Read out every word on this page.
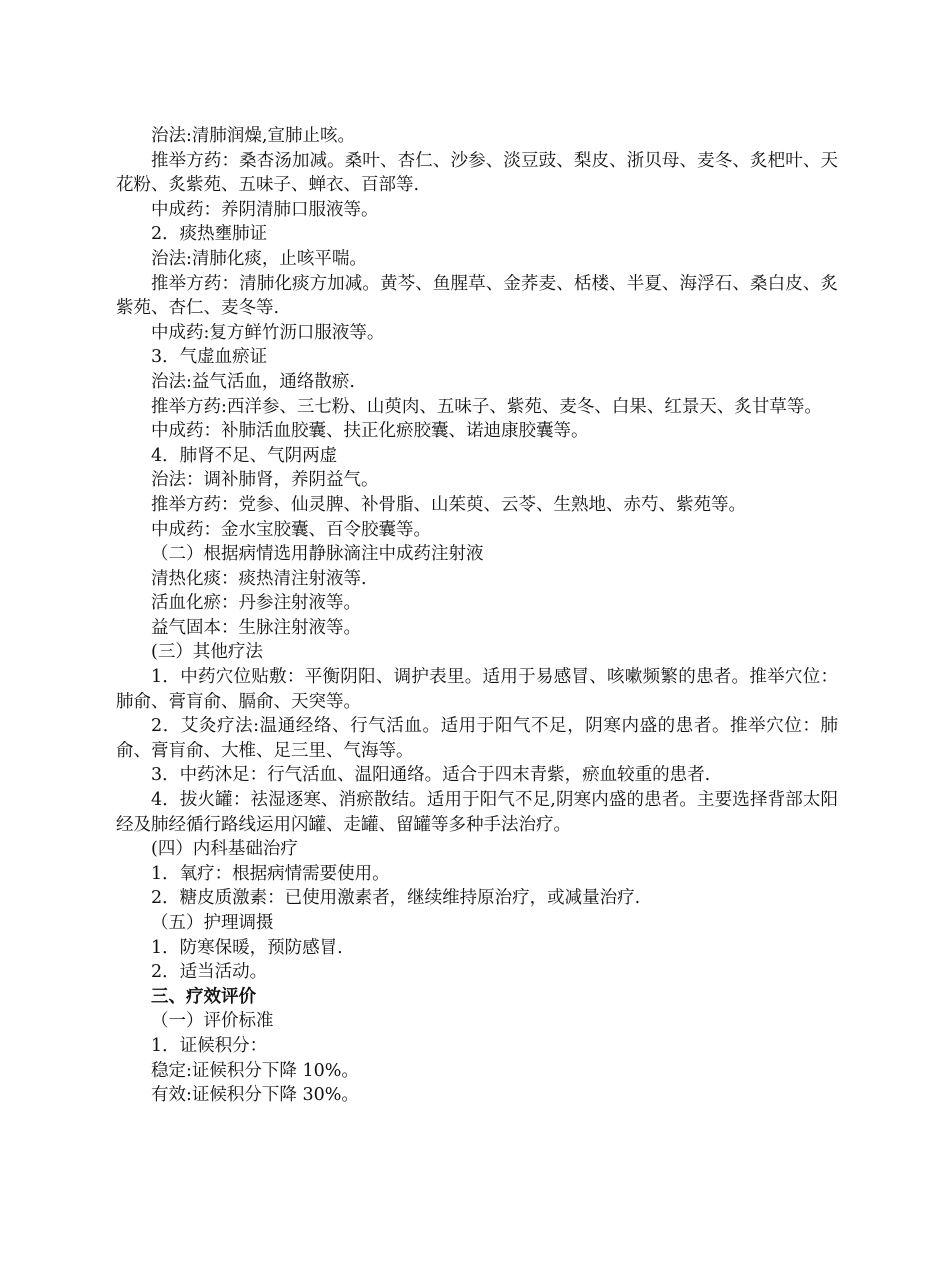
治法:清肺润燥,宣肺止咳。

推举方药：桑杏汤加减。桑叶、杏仁、沙参、淡豆豉、梨皮、浙贝母、麦冬、炙杷叶、天花粉、炙紫苑、五味子、蝉衣、百部等.

中成药：养阴清肺口服液等。

2．痰热壅肺证

治法:清肺化痰，止咳平喘。

推举方药：清肺化痰方加减。黄芩、鱼腥草、金荞麦、栝楼、半夏、海浮石、桑白皮、炙紫苑、杏仁、麦冬等.

中成药:复方鲜竹沥口服液等。

3．气虚血瘀证

治法:益气活血，通络散瘀.

推举方药:西洋参、三七粉、山萸肉、五味子、紫苑、麦冬、白果、红景天、炙甘草等。

中成药：补肺活血胶囊、扶正化瘀胶囊、诺迪康胶囊等。

4．肺肾不足、气阴两虚

治法：调补肺肾，养阴益气。

推举方药：党参、仙灵脾、补骨脂、山茱萸、云苓、生熟地、赤芍、紫苑等。

中成药：金水宝胶囊、百令胶囊等。

（二）根据病情选用静脉滴注中成药注射液

清热化痰：痰热清注射液等.

活血化瘀：丹参注射液等。

益气固本：生脉注射液等。

(三）其他疗法

1．中药穴位贴敷：平衡阴阳、调护表里。适用于易感冒、咳嗽频繁的患者。推举穴位：肺俞、膏肓俞、膈俞、天突等。

2．艾灸疗法:温通经络、行气活血。适用于阳气不足，阴寒内盛的患者。推举穴位：肺俞、膏肓俞、大椎、足三里、气海等。

3．中药沐足：行气活血、温阳通络。适合于四末青紫，瘀血较重的患者.

4．拔火罐：祛湿逐寒、消瘀散结。适用于阳气不足,阴寒内盛的患者。主要选择背部太阳经及肺经循行路线运用闪罐、走罐、留罐等多种手法治疗。

(四）内科基础治疗

1．氧疗：根据病情需要使用。

2．糖皮质激素：已使用激素者，继续维持原治疗，或减量治疗.

（五）护理调摄

1．防寒保暖，预防感冒.

2．适当活动。

三、疗效评价

（一）评价标准

1．证候积分：

稳定:证候积分下降 10%。

有效:证候积分下降 30%。
